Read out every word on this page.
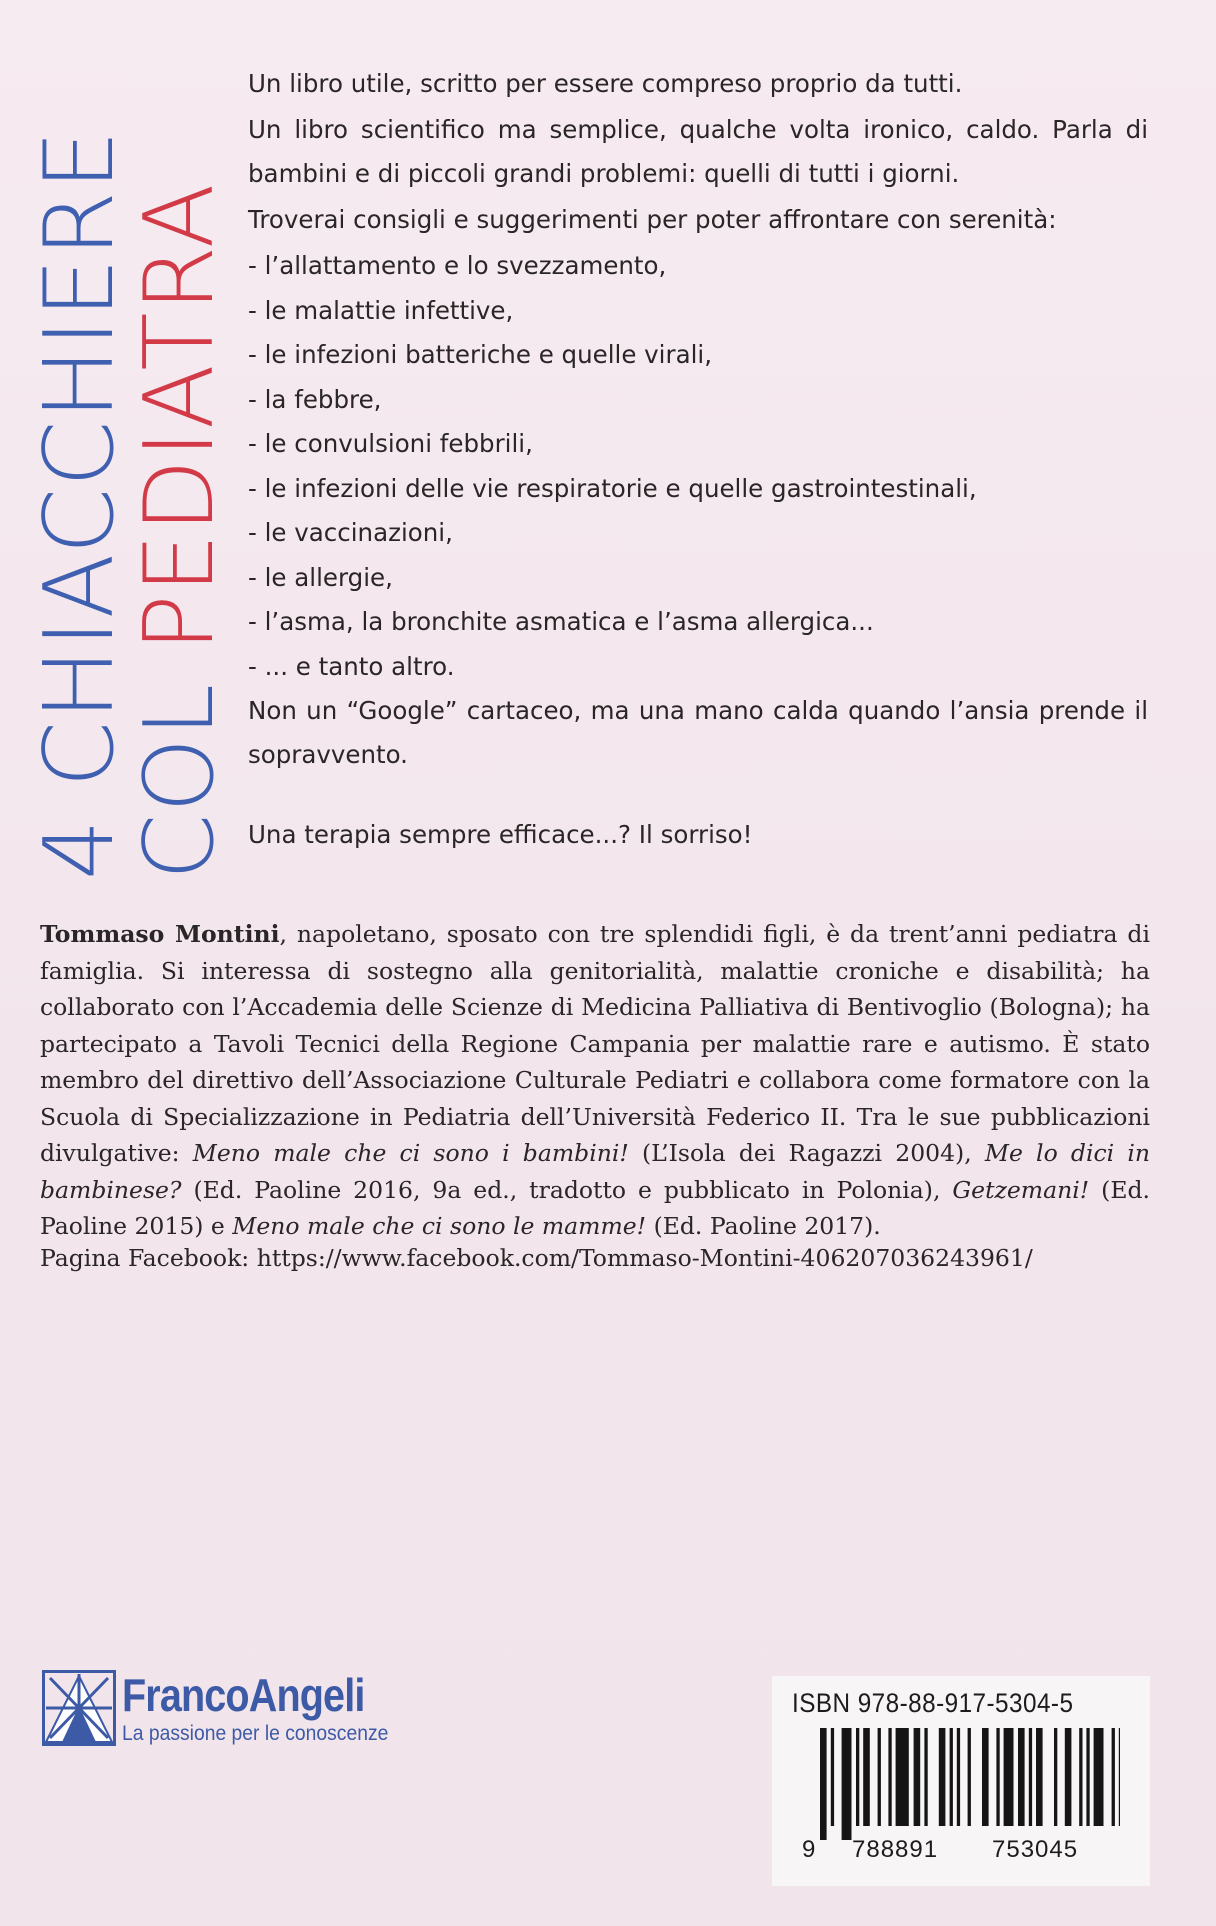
4 CHIACCHIERE
COL PEDIATRA

Un libro utile, scritto per essere compreso proprio da tutti.

Un libro scientifico ma semplice, qualche volta ironico, caldo. Parla di bambini e di piccoli grandi problemi: quelli di tutti i giorni.

Troverai consigli e suggerimenti per poter affrontare con serenità:

- l’allattamento e lo svezzamento,
- le malattie infettive,
- le infezioni batteriche e quelle virali,
- la febbre,
- le convulsioni febbrili,
- le infezioni delle vie respiratorie e quelle gastrointestinali,
- le vaccinazioni,
- le allergie,
- l’asma, la bronchite asmatica e l’asma allergica...
- ... e tanto altro.

Non un “Google” cartaceo, ma una mano calda quando l’ansia prende il sopravvento.

Una terapia sempre efficace...? Il sorriso!

Tommaso Montini, napoletano, sposato con tre splendidi figli, è da trent’anni pediatra di famiglia. Si interessa di sostegno alla genitorialità, malattie croniche e disabilità; ha collaborato con l’Accademia delle Scienze di Medicina Palliativa di Bentivoglio (Bologna); ha partecipato a Tavoli Tecnici della Regione Campania per malattie rare e autismo. È stato membro del direttivo dell’Associazione Culturale Pediatri e collabora come formatore con la Scuola di Specializzazione in Pediatria dell’Università Federico II. Tra le sue pubblicazioni divulgative: Meno male che ci sono i bambini! (L’Isola dei Ragazzi 2004), Me lo dici in bambinese? (Ed. Paoline 2016, 9a ed., tradotto e pubblicato in Polonia), Getzemani! (Ed. Paoline 2015) e Meno male che ci sono le mamme! (Ed. Paoline 2017).
Pagina Facebook: https://www.facebook.com/Tommaso-Montini-406207036243961/
FrancoAngeli
La passione per le conoscenze
ISBN 978-88-917-5304-5
9 788891 753045
